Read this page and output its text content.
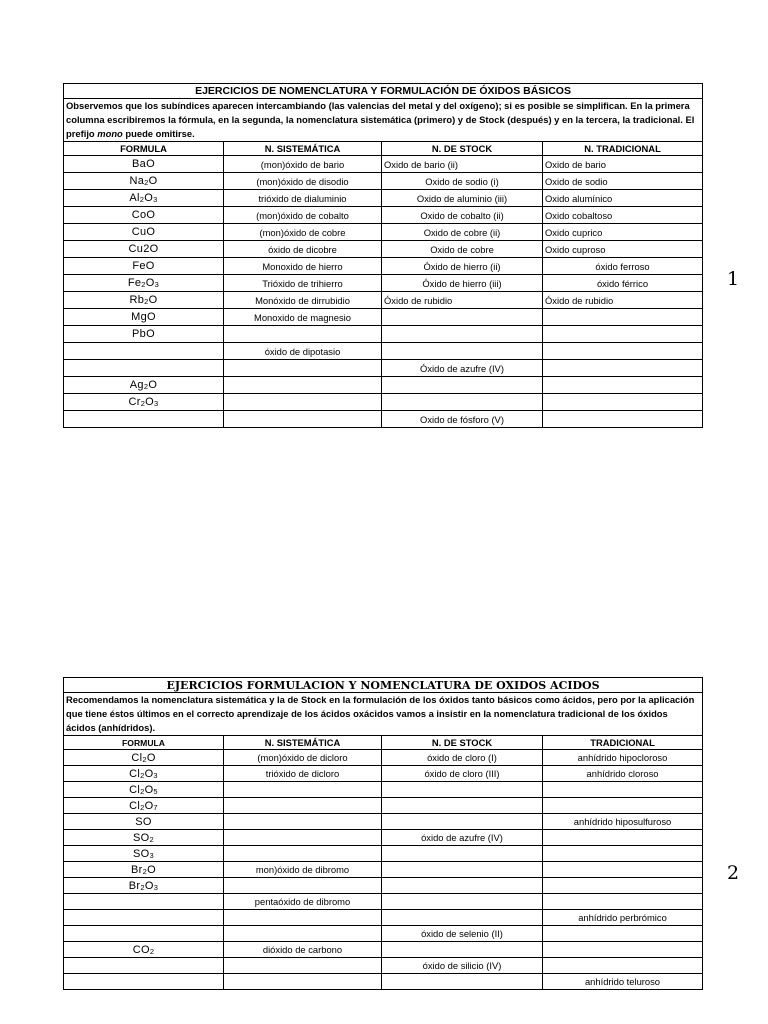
EJERCICIOS DE NOMENCLATURA Y FORMULACIÓN DE ÓXIDOS BÁSICOS			
Observemos que los subíndices aparecen intercambiando (las valencias del metal y del oxígeno); si es posible se simplifican. En la primera columna escribiremos la fórmula, en la segunda, la nomenclatura sistemática (primero) y de Stock (después) y en la tercera, la tradicional. El prefijo mono puede omitirse.			
FORMULA	N. SISTEMÁTICA	N. DE STOCK	N. TRADICIONAL
BaO	(mon)óxido de bario	Oxido de bario (ii)	Oxido de bario
$Na_2O$	(mon)óxido de disodio	Oxido de sodio (i)	Oxido de sodio
$Al_2O_3$	trióxido de dialuminio	Oxido de aluminio (iii)	Oxido alumínico
CoO	(mon)óxido de cobalto	Oxido de cobalto (ii)	Oxido cobaltoso
CuO	(mon)óxido de cobre	Oxido de cobre (ii)	Oxido cuprico
Cu2O	óxido de dicobre	Oxido de cobre	Oxido cuproso
FeO	Monoxido de hierro	Óxido de hierro (ii)	óxido ferroso
$Fe_2O_3$	Trióxido de trihierro	Óxido de hierro (iii)	óxido férrico
$Rb_2O$	Monóxido de dirrubidio	Óxido de rubidio	Óxido de rubidio
MgO	Monoxido de magnesio		
PbO			
	óxido de dipotasio		
		Óxido de azufre (IV)	
$Ag_2O$			
$Cr_2O_3$			
		Oxido de fósforo (V)	
1
EJERCICIOS FORMULACION Y NOMENCLATURA DE OXIDOS ACIDOS			
Recomendamos la nomenclatura sistemática y la de Stock en la formulación de los óxidos tanto básicos como ácidos, pero por la aplicación que tiene éstos últimos en el correcto aprendizaje de los ácidos oxácidos vamos a insistir en la nomenclatura tradicional de los óxidos ácidos (anhídridos).			
FORMULA	N. SISTEMÁTICA	N. DE STOCK	TRADICIONAL
$Cl_2O$	(mon)óxido de dicloro	óxido de cloro (I)	anhídrido hipocloroso
$Cl_2O_3$	trióxido de dicloro	óxido de cloro (III)	anhídrido cloroso
$Cl_2O_5$			
$Cl_2O_7$			
SO			anhídrido hiposulfuroso
$SO_2$		óxido de azufre (IV)	
$SO_3$			
$Br_2O$	mon)óxido de dibromo		
$Br_2O_3$			
	pentaóxido de dibromo		
			anhídrido perbrómico
		óxido de selenio (II)	
$CO_2$	dióxido de carbono		
		óxido de silicio (IV)	
			anhídrido teluroso
2
